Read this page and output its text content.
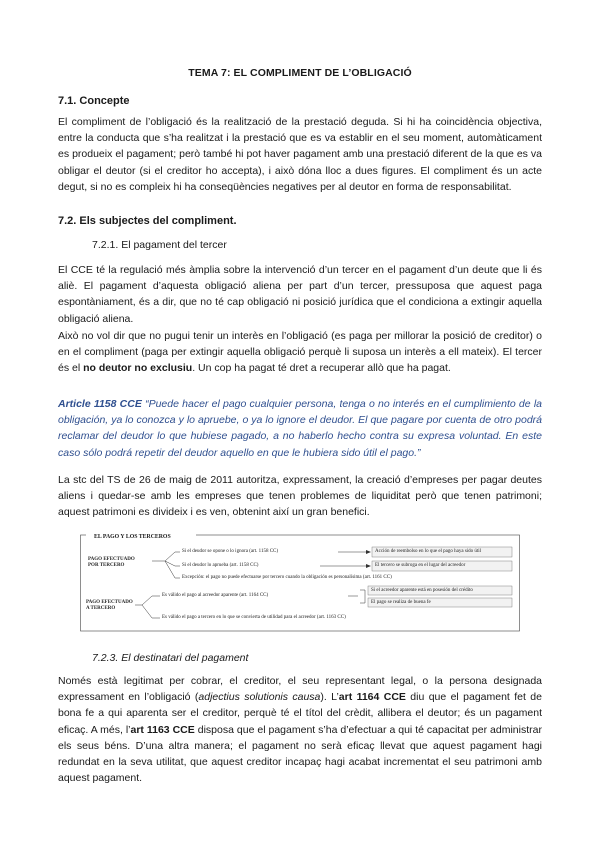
TEMA 7: EL COMPLIMENT DE L’OBLIGACIÓ
7.1. Concepte

El compliment de l’obligació és la realització de la prestació deguda. Si hi ha coincidència objectiva, entre la conducta que s’ha realitzat i la prestació que es va establir en el seu moment, automàticament es produeix el pagament; però també hi pot haver pagament amb una prestació diferent de la que es va obligar el deutor (si el creditor ho accepta), i això dóna lloc a dues figures. El compliment és un acte degut, si no es compleix hi ha conseqüències negatives per al deutor en forma de responsabilitat.

7.2. Els subjectes del compliment.
7.2.1. El pagament del tercer

El CCE té la regulació més àmplia sobre la intervenció d’un tercer en el pagament d’un deute que li és aliè. El pagament d’aquesta obligació aliena per part d’un tercer, pressuposa que aquest paga espontàniament, és a dir, que no té cap obligació ni posició jurídica que el condiciona a extingir aquella obligació aliena.

Això no vol dir que no pugui tenir un interès en l’obligació (es paga per millorar la posició de creditor) o en el compliment (paga per extingir aquella obligació perquè li suposa un interès a ell mateix). El tercer és el no deutor no exclusiu. Un cop ha pagat té dret a recuperar allò que ha pagat.

Article 1158 CCE “Puede hacer el pago cualquier persona, tenga o no interés en el cumplimiento de la obligación, ya lo conozca y lo apruebe, o ya lo ignore el deudor. El que pagare por cuenta de otro podrá reclamar del deudor lo que hubiese pagado, a no haberlo hecho contra su expresa voluntad. En este caso sólo podrá repetir del deudor aquello en que le hubiera sido útil el pago.”

La stc del TS de 26 de maig de 2011 autoritza, expressament, la creació d’empreses per pagar deutes aliens i quedar-se amb les empreses que tenen problemes de liquiditat però que tenen patrimoni; aquest patrimoni es divideix i es ven, obtenint així un gran benefici.

EL PAGO Y LOS TERCEROS
PAGO EFECTUADO
POR TERCERO
Si el deudor se opone o lo ignora (art. 1158 CC)	Acción de reembolso en lo que el pago haya sido útil
Si el deudor lo aprueba (art. 1158 CC)	El tercero se subroga en el lugar del acreedor
Excepción: el pago no puede efectuarse por tercero cuando la obligación es personalísima (art. 1161 CC)
PAGO EFECTUADO
A TERCERO
Es válido el pago al acreedor aparente (art. 1164 CC)
Si el acreedor aparente está en posesión del crédito
El pago se realiza de buena fe
Es válido el pago a tercero en lo que se convierta de utilidad para el acreedor (art. 1163 CC)
7.2.3. El destinatari del pagament

Només està legitimat per cobrar, el creditor, el seu representant legal, o la persona designada expressament en l’obligació (adjectius solutionis causa). L’art 1164 CCE diu que el pagament fet de bona fe a qui aparenta ser el creditor, perquè té el títol del crèdit, allibera el deutor; és un pagament eficaç. A més, l’art 1163 CCE disposa que el pagament s’ha d’efectuar a qui té capacitat per administrar els seus béns. D’una altra manera; el pagament no serà eficaç llevat que aquest pagament hagi redundat en la seva utilitat, que aquest creditor incapaç hagi acabat incrementat el seu patrimoni amb aquest pagament.
